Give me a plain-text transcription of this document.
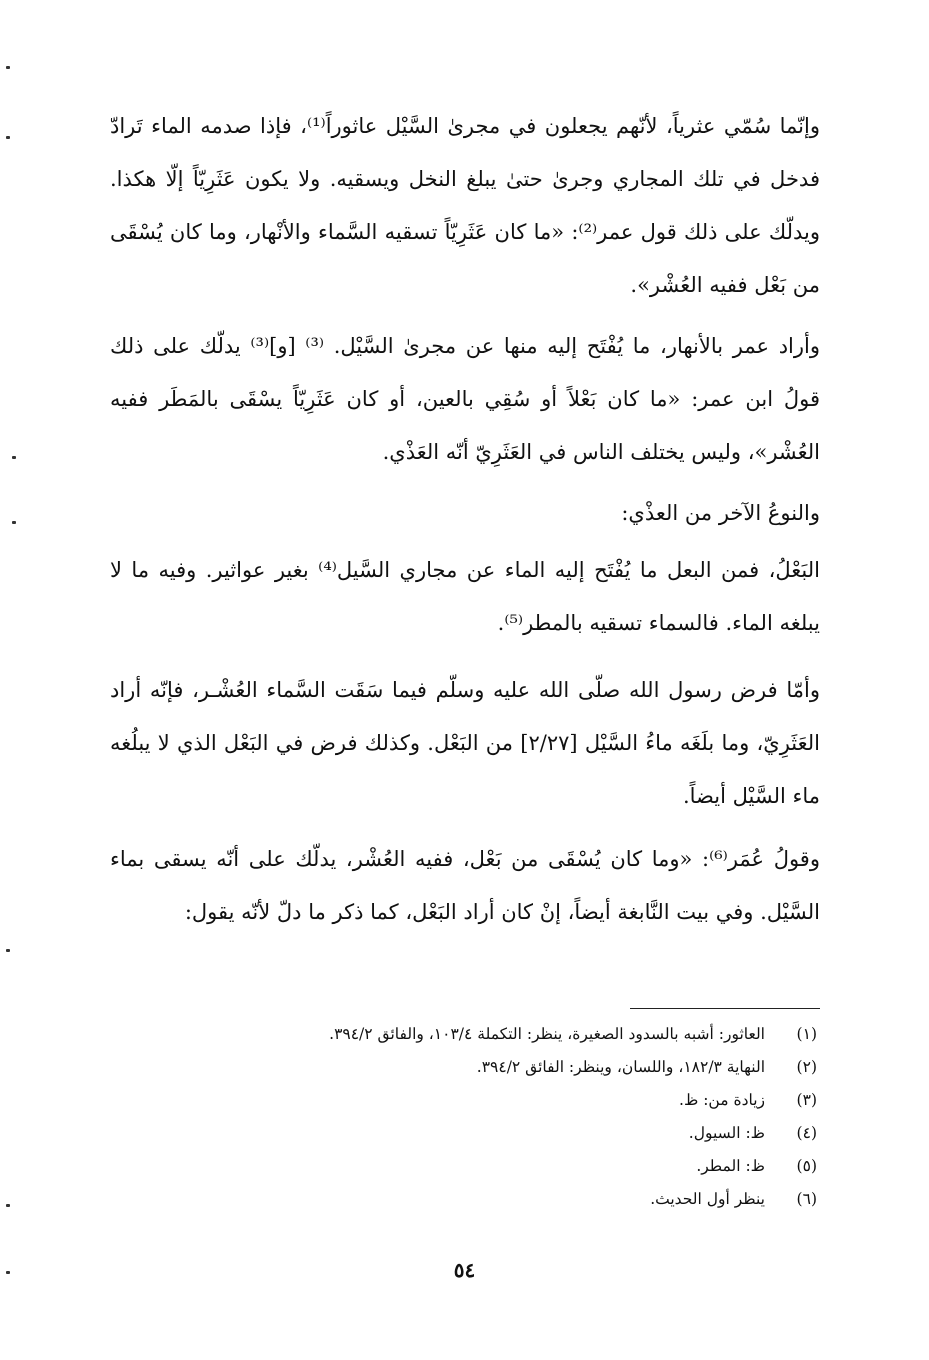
وإنّما سُمّي عثرياً، لأنّهم يجعلون في مجرىٰ السَّيْل عاثوراً⁽¹⁾، فإذا صدمه الماء تَرادّ فدخل في تلك المجاري وجرىٰ حتىٰ يبلغ النخل ويسقيه. ولا يكون عَثَرِيّاً إلّا هكذا. ويدلّك على ذلك قول عمر⁽²⁾: «ما كان عَثَرِيّاً تسقيه السَّماء والأنْهار، وما كان يُسْقَى من بَعْل ففيه العُشْر».

وأراد عمر بالأنهار، ما يُفْتَح إليه منها عن مجرىٰ السَّيْل. ⁽³⁾ [و]⁽³⁾ يدلّك على ذلك قولُ ابن عمر: «ما كان بَعْلاً أو سُقِي بالعين، أو كان عَثَرِيّاً يسْقَى بالمَطَر ففيه العُشْر»، وليس يختلف الناس في العَثَرِيّ أنّه العَذْي.

والنوعُ الآخر من العذْي:

البَعْلُ، فمن البعل ما يُفْتَح إليه الماء عن مجاري السَّيل⁽⁴⁾ بغير عواثير. وفيه ما لا يبلغه الماء. فالسماء تسقيه بالمطر⁽⁵⁾.

وأمّا فرض رسول الله صلّى الله عليه وسلّم فيما سَقَت السَّماء العُشْـر، فإنّه أراد العَثَرِيّ، وما بلَغَه ماءُ السَّيْل [٢/٢٧] من البَعْل. وكذلك فرض في البَعْل الذي لا يبلُغه ماء السَّيْل أيضاً.

وقولُ عُمَر⁽⁶⁾: «وما كان يُسْقَى من بَعْل، ففيه العُشْر، يدلّك على أنّه يسقى بماء السَّيْل. وفي بيت النَّابغة أيضاً، إنْ كان أراد البَعْل، كما ذكر ما دلّ لأنّه يقول:

(١)
العاثور: أشبه بالسدود الصغيرة، ينظر: التكملة ١٠٣/٤، والفائق ٣٩٤/٢.
(٢)
النهاية ١٨٢/٣، واللسان، وينظر: الفائق ٣٩٤/٢.
(٣)
زيادة من: ظ.
(٤)
ظ: السيول.
(٥)
ظ: المطر.
(٦)
ينظر أول الحديث.
٥٤
